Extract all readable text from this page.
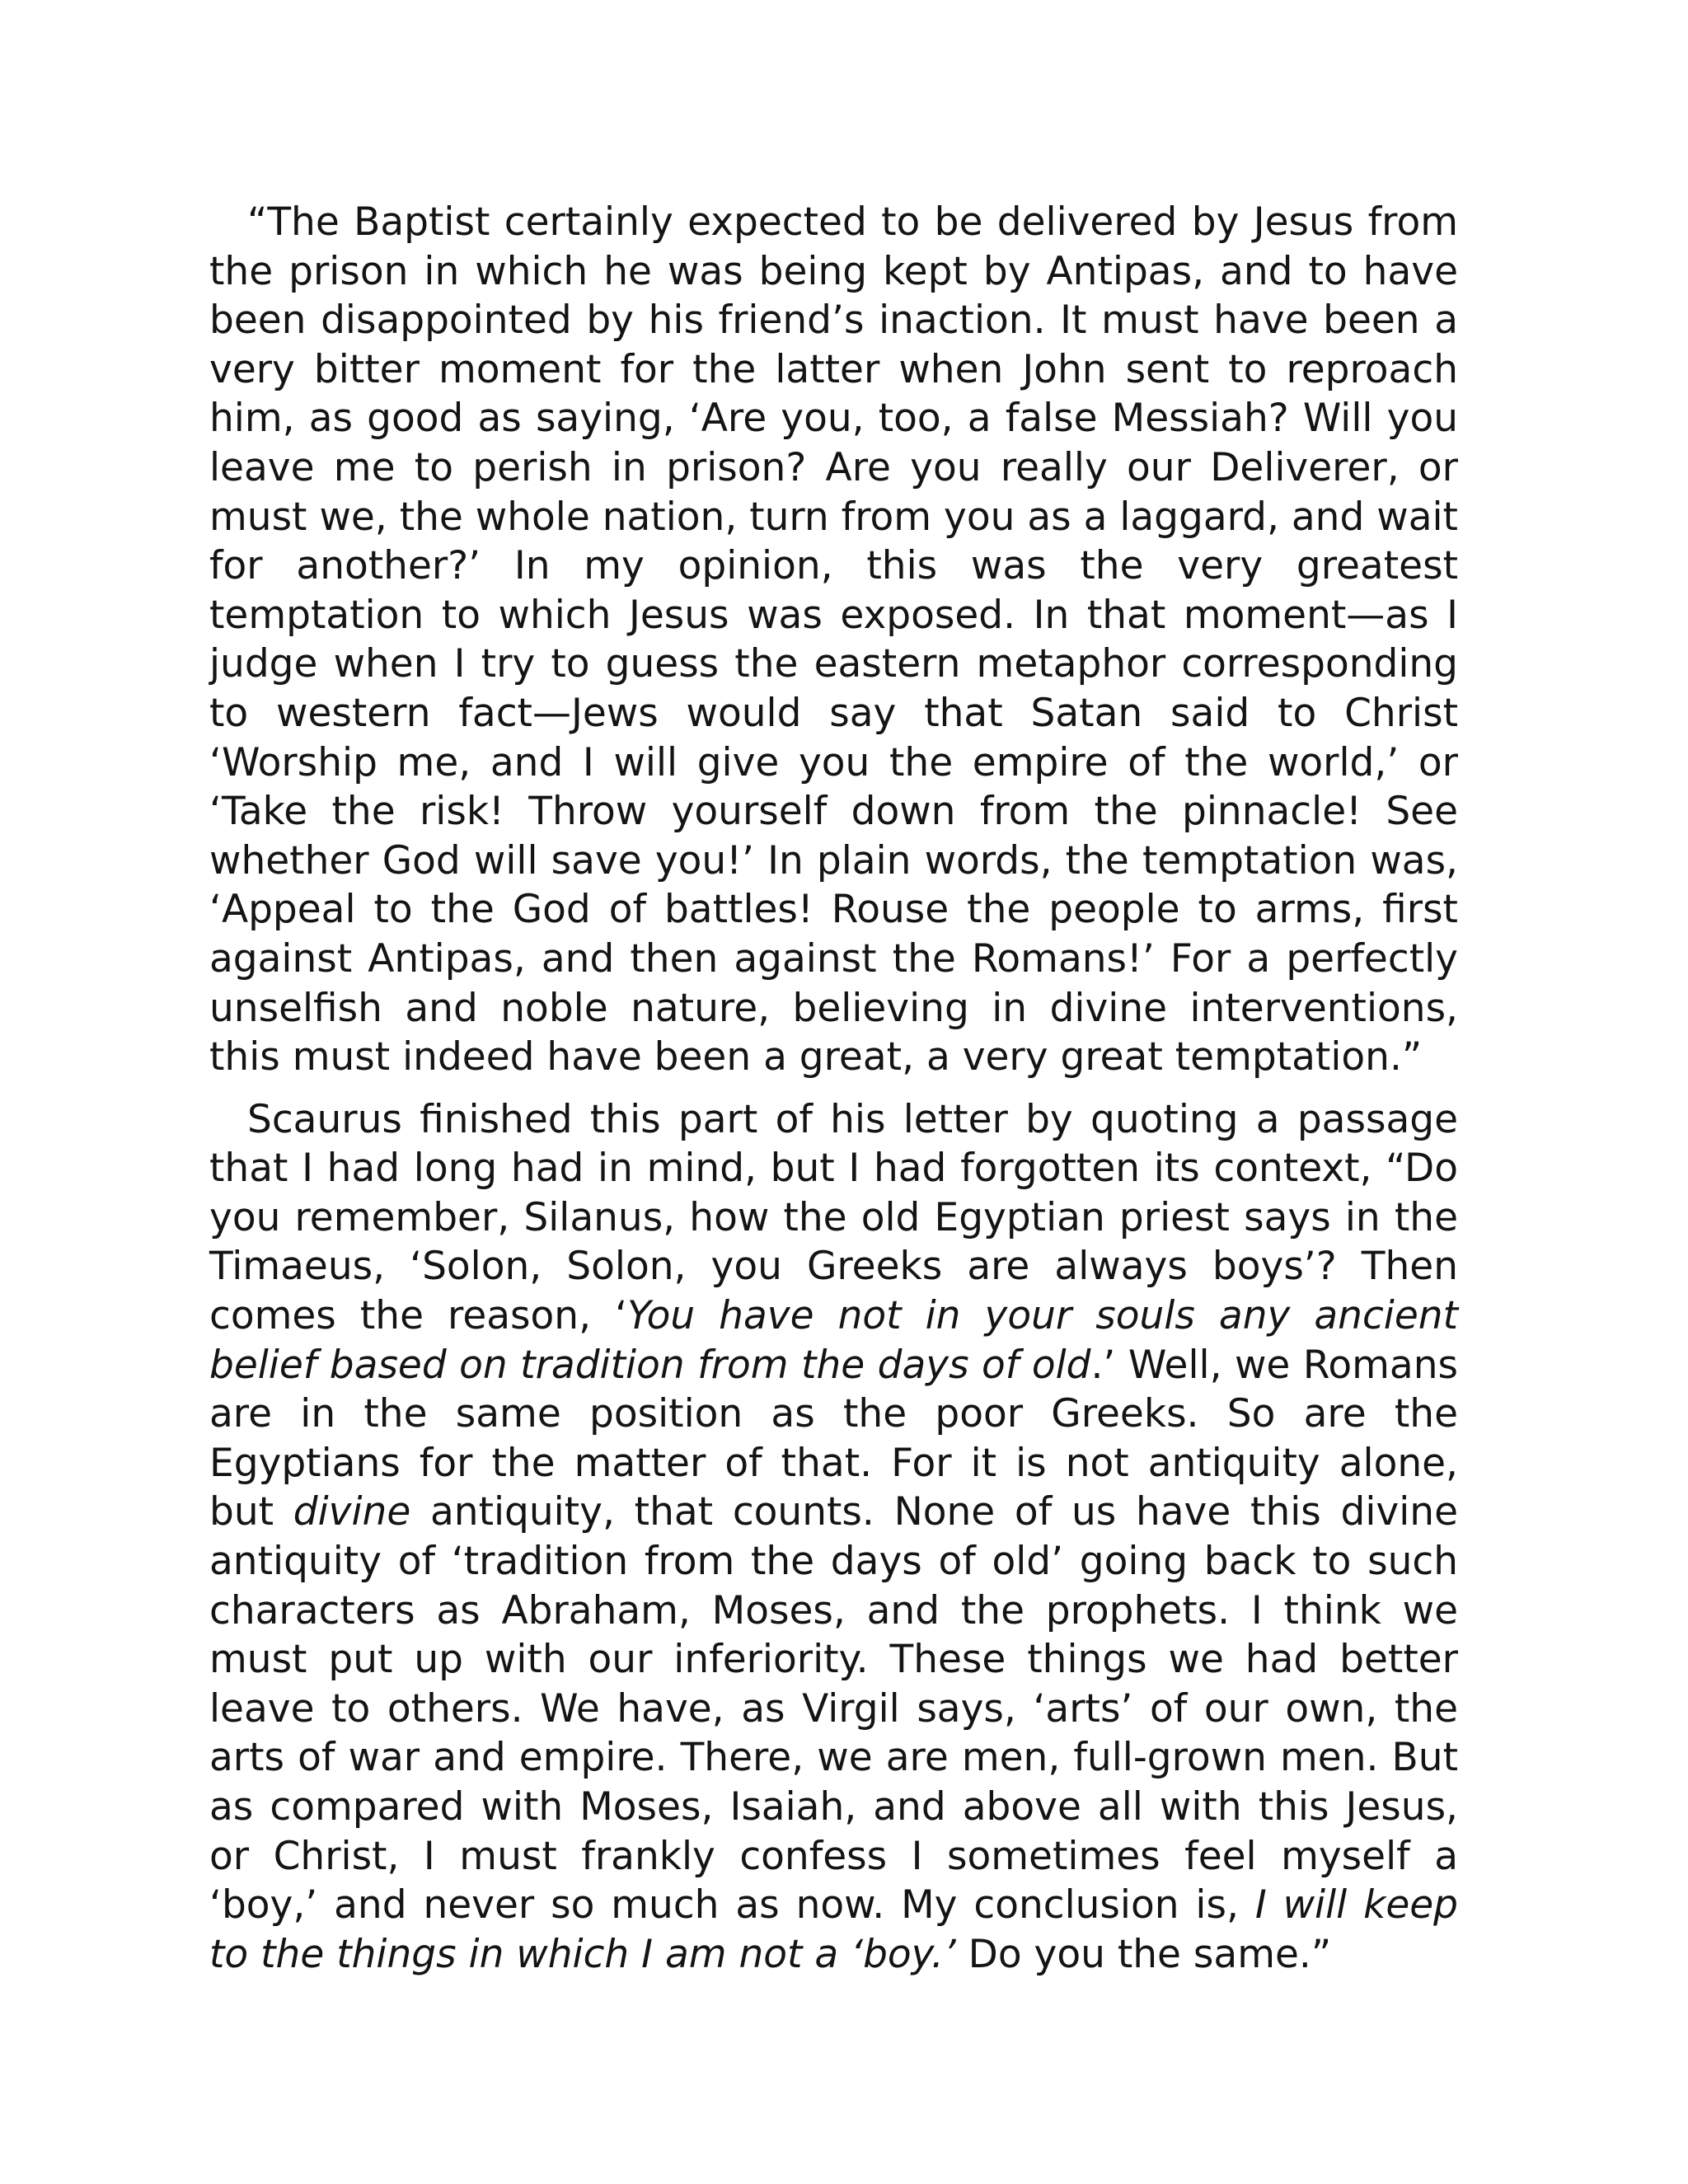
“The Baptist certainly expected to be delivered by Jesus from the prison in which he was being kept by Antipas, and to have been disappointed by his friend’s inaction. It must have been a very bitter moment for the latter when John sent to reproach him, as good as saying, ‘Are you, too, a false Messiah? Will you leave me to perish in prison? Are you really our Deliverer, or must we, the whole nation, turn from you as a laggard, and wait for another?’ In my opinion, this was the very greatest temptation to which Jesus was exposed. In that moment—as I judge when I try to guess the eastern metaphor corresponding to western fact—Jews would say that Satan said to Christ ‘Worship me, and I will give you the empire of the world,’ or ‘Take the risk! Throw yourself down from the pinnacle! See whether God will save you!’ In plain words, the temptation was, ‘Appeal to the God of battles! Rouse the people to arms, first against Antipas, and then against the Romans!’ For a perfectly unselfish and noble nature, believing in divine interventions, this must indeed have been a great, a very great temptation.”

Scaurus finished this part of his letter by quoting a passage that I had long had in mind, but I had forgotten its context, “Do you remember, Silanus, how the old Egyptian priest says in the Timaeus, ‘Solon, Solon, you Greeks are always boys’? Then comes the reason, ‘You have not in your souls any ancient belief based on tradition from the days of old.’ Well, we Romans are in the same position as the poor Greeks. So are the Egyptians for the matter of that. For it is not antiquity alone, but divine antiquity, that counts. None of us have this divine antiquity of ‘tradition from the days of old’ going back to such characters as Abraham, Moses, and the prophets. I think we must put up with our inferiority. These things we had better leave to others. We have, as Virgil says, ‘arts’ of our own, the arts of war and empire. There, we are men, full-grown men. But as compared with Moses, Isaiah, and above all with this Jesus, or Christ, I must frankly confess I sometimes feel myself a ‘boy,’ and never so much as now. My conclusion is, I will keep to the things in which I am not a ‘boy.’ Do you the same.”
